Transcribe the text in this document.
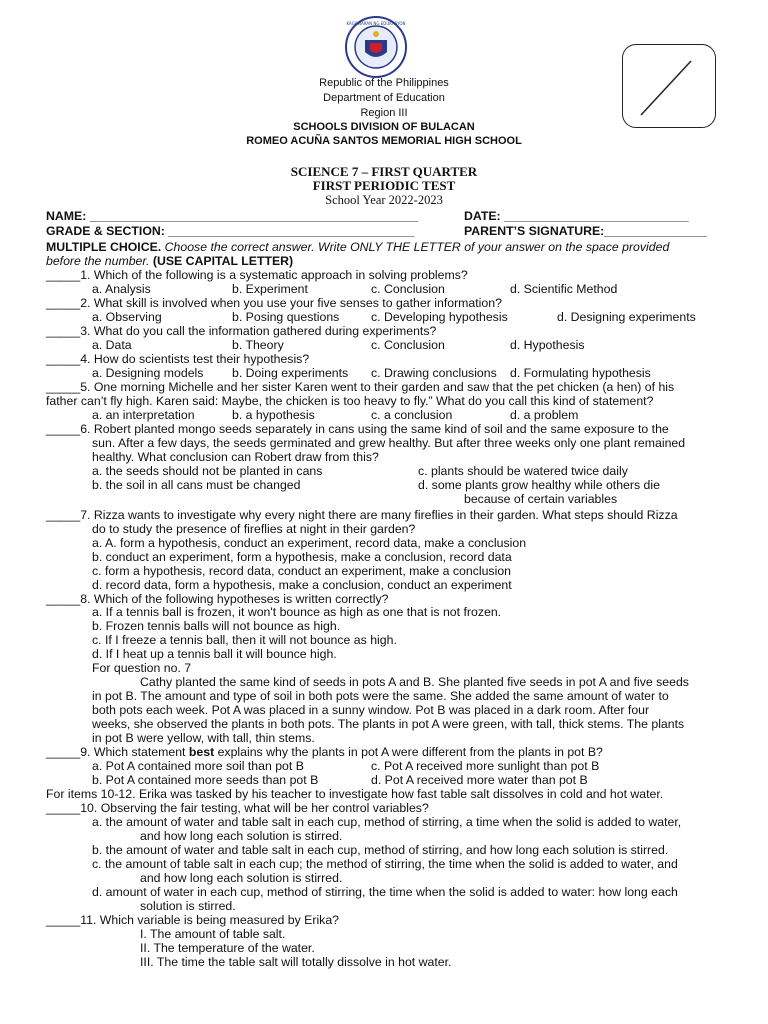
KAGAWARAN NG EDUKASYON
Republic of the Philippines
Department of Education
Region III
SCHOOLS DIVISION OF BULACAN
ROMEO ACUÑA SANTOS MEMORIAL HIGH SCHOOL
SCIENCE 7 – FIRST QUARTER
FIRST PERIODIC TEST
School Year 2022-2023
NAME: ________________________________________________	DATE: ___________________________
GRADE & SECTION: ____________________________________	PARENT’S SIGNATURE:_______________
MULTIPLE CHOICE. Choose the correct answer. Write ONLY THE LETTER of your answer on the space provided
before the number. (USE CAPITAL LETTER)
_____1. Which of the following is a systematic approach in solving problems?
a. Analysis	b. Experiment	c. Conclusion	d. Scientific Method
_____2. What skill is involved when you use your five senses to gather information?
a. Observing	b. Posing questions	c. Developing hypothesis	d. Designing experiments
_____3. What do you call the information gathered during experiments?
a. Data	b. Theory	c. Conclusion	d. Hypothesis
_____4. How do scientists test their hypothesis?
a. Designing models b. Doing experiments c. Drawing conclusions d. Formulating hypothesis
_____5. One morning Michelle and her sister Karen went to their garden and saw that the pet chicken (a hen) of his
father can’t fly high. Karen said: Maybe, the chicken is too heavy to fly.” What do you call this kind of statement?
a. an interpretation	b. a hypothesis	c. a conclusion	d. a problem
_____6. Robert planted mongo seeds separately in cans using the same kind of soil and the same exposure to the
sun. After a few days, the seeds germinated and grew healthy. But after three weeks only one plant remained
healthy. What conclusion can Robert draw from this?
a. the seeds should not be planted in cans	c. plants should be watered twice daily
b. the soil in all cans must be changed	d. some plants grow healthy while others die
because of certain variables
_____7. Rizza wants to investigate why every night there are many fireflies in their garden. What steps should Rizza
do to study the presence of fireflies at night in their garden?
a. A. form a hypothesis, conduct an experiment, record data, make a conclusion
b. conduct an experiment, form a hypothesis, make a conclusion, record data
c. form a hypothesis, record data, conduct an experiment, make a conclusion
d. record data, form a hypothesis, make a conclusion, conduct an experiment
_____8. Which of the following hypotheses is written correctly?
a. If a tennis ball is frozen, it won't bounce as high as one that is not frozen.
b. Frozen tennis balls will not bounce as high.
c. If I freeze a tennis ball, then it will not bounce as high.
d. If I heat up a tennis ball it will bounce high.
For question no. 7
Cathy planted the same kind of seeds in pots A and B. She planted five seeds in pot A and five seeds
in pot B. The amount and type of soil in both pots were the same. She added the same amount of water to
both pots each week. Pot A was placed in a sunny window. Pot B was placed in a dark room. After four
weeks, she observed the plants in both pots. The plants in pot A were green, with tall, thick stems. The plants
in pot B were yellow, with tall, thin stems.
_____9. Which statement best explains why the plants in pot A were different from the plants in pot B?
a. Pot A contained more soil than pot B	c. Pot A received more sunlight than pot B
b. Pot A contained more seeds than pot B	d. Pot A received more water than pot B
For items 10-12. Erika was tasked by his teacher to investigate how fast table salt dissolves in cold and hot water.
_____10. Observing the fair testing, what will be her control variables?
a. the amount of water and table salt in each cup, method of stirring, a time when the solid is added to water,
and how long each solution is stirred.
b. the amount of water and table salt in each cup, method of stirring, and how long each solution is stirred.
c. the amount of table salt in each cup; the method of stirring, the time when the solid is added to water, and
and how long each solution is stirred.
d. amount of water in each cup, method of stirring, the time when the solid is added to water: how long each
solution is stirred.
_____11. Which variable is being measured by Erika?
I. The amount of table salt.
II. The temperature of the water.
III. The time the table salt will totally dissolve in hot water.
